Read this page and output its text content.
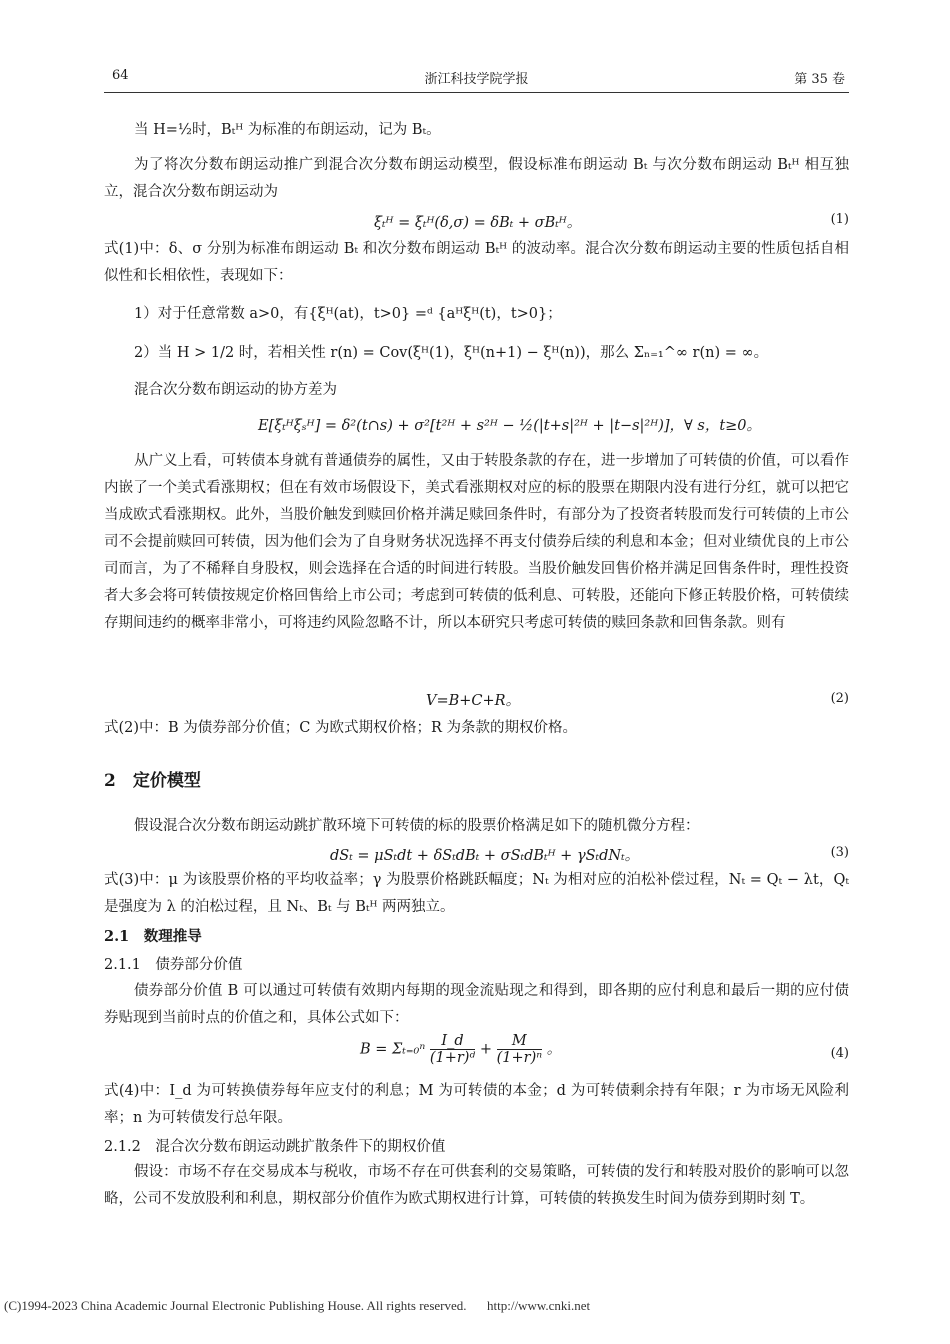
64	浙江科技学院学报	第 35 卷
当 H=½时，Bₜᴴ 为标准的布朗运动，记为 Bₜ。
为了将次分数布朗运动推广到混合次分数布朗运动模型，假设标准布朗运动 Bₜ 与次分数布朗运动 Bₜᴴ 相互独立，混合次分数布朗运动为
ξₜᴴ = ξₜᴴ(δ,σ) = δBₜ + σBₜᴴ。	(1)
式(1)中：δ、σ 分别为标准布朗运动 Bₜ 和次分数布朗运动 Bₜᴴ 的波动率。混合次分数布朗运动主要的性质包括自相似性和长相依性，表现如下：
1）对于任意常数 a>0，有{ξᴴ(at)，t>0} =ᵈ {aᴴξᴴ(t)，t>0}；
2）当 H > 1/2 时，若相关性 r(n) = Cov(ξᴴ(1)，ξᴴ(n+1) − ξᴴ(n))，那么 Σₙ₌₁^∞ r(n) = ∞。
混合次分数布朗运动的协方差为
E[ξₜᴴξₛᴴ] = δ²(t∩s) + σ²[t²ᴴ + s²ᴴ − ½(|t+s|²ᴴ + |t−s|²ᴴ)]，∀ s，t≥0。
从广义上看，可转债本身就有普通债券的属性，又由于转股条款的存在，进一步增加了可转债的价值，可以看作内嵌了一个美式看涨期权；但在有效市场假设下，美式看涨期权对应的标的股票在期限内没有进行分红，就可以把它当成欧式看涨期权。此外，当股价触发到赎回价格并满足赎回条件时，有部分为了投资者转股而发行可转债的上市公司不会提前赎回可转债，因为他们会为了自身财务状况选择不再支付债券后续的利息和本金；但对业绩优良的上市公司而言，为了不稀释自身股权，则会选择在合适的时间进行转股。当股价触发回售价格并满足回售条件时，理性投资者大多会将可转债按规定价格回售给上市公司；考虑到可转债的低利息、可转股，还能向下修正转股价格，可转债续存期间违约的概率非常小，可将违约风险忽略不计，所以本研究只考虑可转债的赎回条款和回售条款。则有
V=B+C+R。	(2)
式(2)中：B 为债券部分价值；C 为欧式期权价格；R 为条款的期权价格。
2　定价模型
假设混合次分数布朗运动跳扩散环境下可转债的标的股票价格满足如下的随机微分方程：
dSₜ = μSₜdt + δSₜdBₜ + σSₜdBₜᴴ + γSₜdNₜ。	(3)
式(3)中：μ 为该股票价格的平均收益率；γ 为股票价格跳跃幅度；Nₜ 为相对应的泊松补偿过程，Nₜ = Qₜ − λt，Qₜ 是强度为 λ 的泊松过程，且 Nₜ、Bₜ 与 Bₜᴴ 两两独立。
2.1　数理推导
2.1.1　债券部分价值
债券部分价值 B 可以通过可转债有效期内每期的现金流贴现之和得到，即各期的应付利息和最后一期的应付债券贴现到当前时点的价值之和，具体公式如下：
$B = \Sigma_{t=0}^n \frac{I\_d}{\text{(1+r)ᵈ}} + \frac{M}{\text{(1+r)ⁿ}}$ 。	(4)
式(4)中：I_d 为可转换债券每年应支付的利息；M 为可转债的本金；d 为可转债剩余持有年限；r 为市场无风险利率；n 为可转债发行总年限。
2.1.2　混合次分数布朗运动跳扩散条件下的期权价值
假设：市场不存在交易成本与税收，市场不存在可供套利的交易策略，可转债的发行和转股对股价的影响可以忽略，公司不发放股利和利息，期权部分价值作为欧式期权进行计算，可转债的转换发生时间为债券到期时刻 T。
(C)1994-2023 China Academic Journal Electronic Publishing House. All rights reserved. http://www.cnki.net
